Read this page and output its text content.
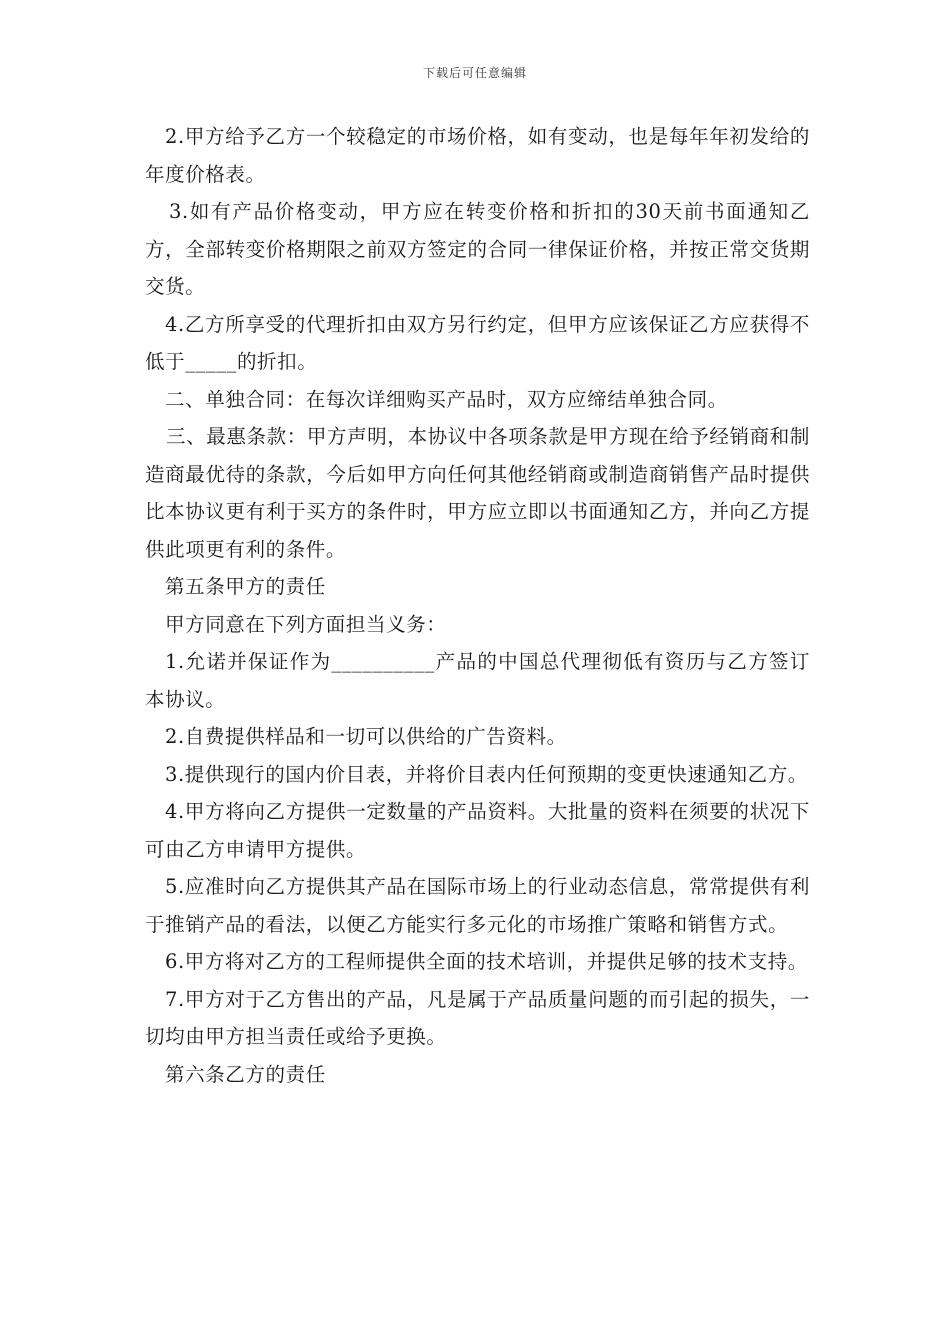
下载后可任意编辑

2.甲方给予乙方一个较稳定的市场价格，如有变动，也是每年年初发给的年度价格表。

3.如有产品价格变动，甲方应在转变价格和折扣的30天前书面通知乙方，全部转变价格期限之前双方签定的合同一律保证价格，并按正常交货期交货。

4.乙方所享受的代理折扣由双方另行约定，但甲方应该保证乙方应获得不低于_____的折扣。

二、单独合同：在每次详细购买产品时，双方应缔结单独合同。

三、最惠条款：甲方声明，本协议中各项条款是甲方现在给予经销商和制造商最优待的条款，今后如甲方向任何其他经销商或制造商销售产品时提供比本协议更有利于买方的条件时，甲方应立即以书面通知乙方，并向乙方提供此项更有利的条件。

第五条甲方的责任

甲方同意在下列方面担当义务：

1.允诺并保证作为__________产品的中国总代理彻低有资历与乙方签订本协议。

2.自费提供样品和一切可以供给的广告资料。

3.提供现行的国内价目表，并将价目表内任何预期的变更快速通知乙方。

4.甲方将向乙方提供一定数量的产品资料。大批量的资料在须要的状况下可由乙方申请甲方提供。

5.应准时向乙方提供其产品在国际市场上的行业动态信息，常常提供有利于推销产品的看法，以便乙方能实行多元化的市场推广策略和销售方式。

6.甲方将对乙方的工程师提供全面的技术培训，并提供足够的技术支持。

7.甲方对于乙方售出的产品，凡是属于产品质量问题的而引起的损失，一切均由甲方担当责任或给予更换。

第六条乙方的责任
